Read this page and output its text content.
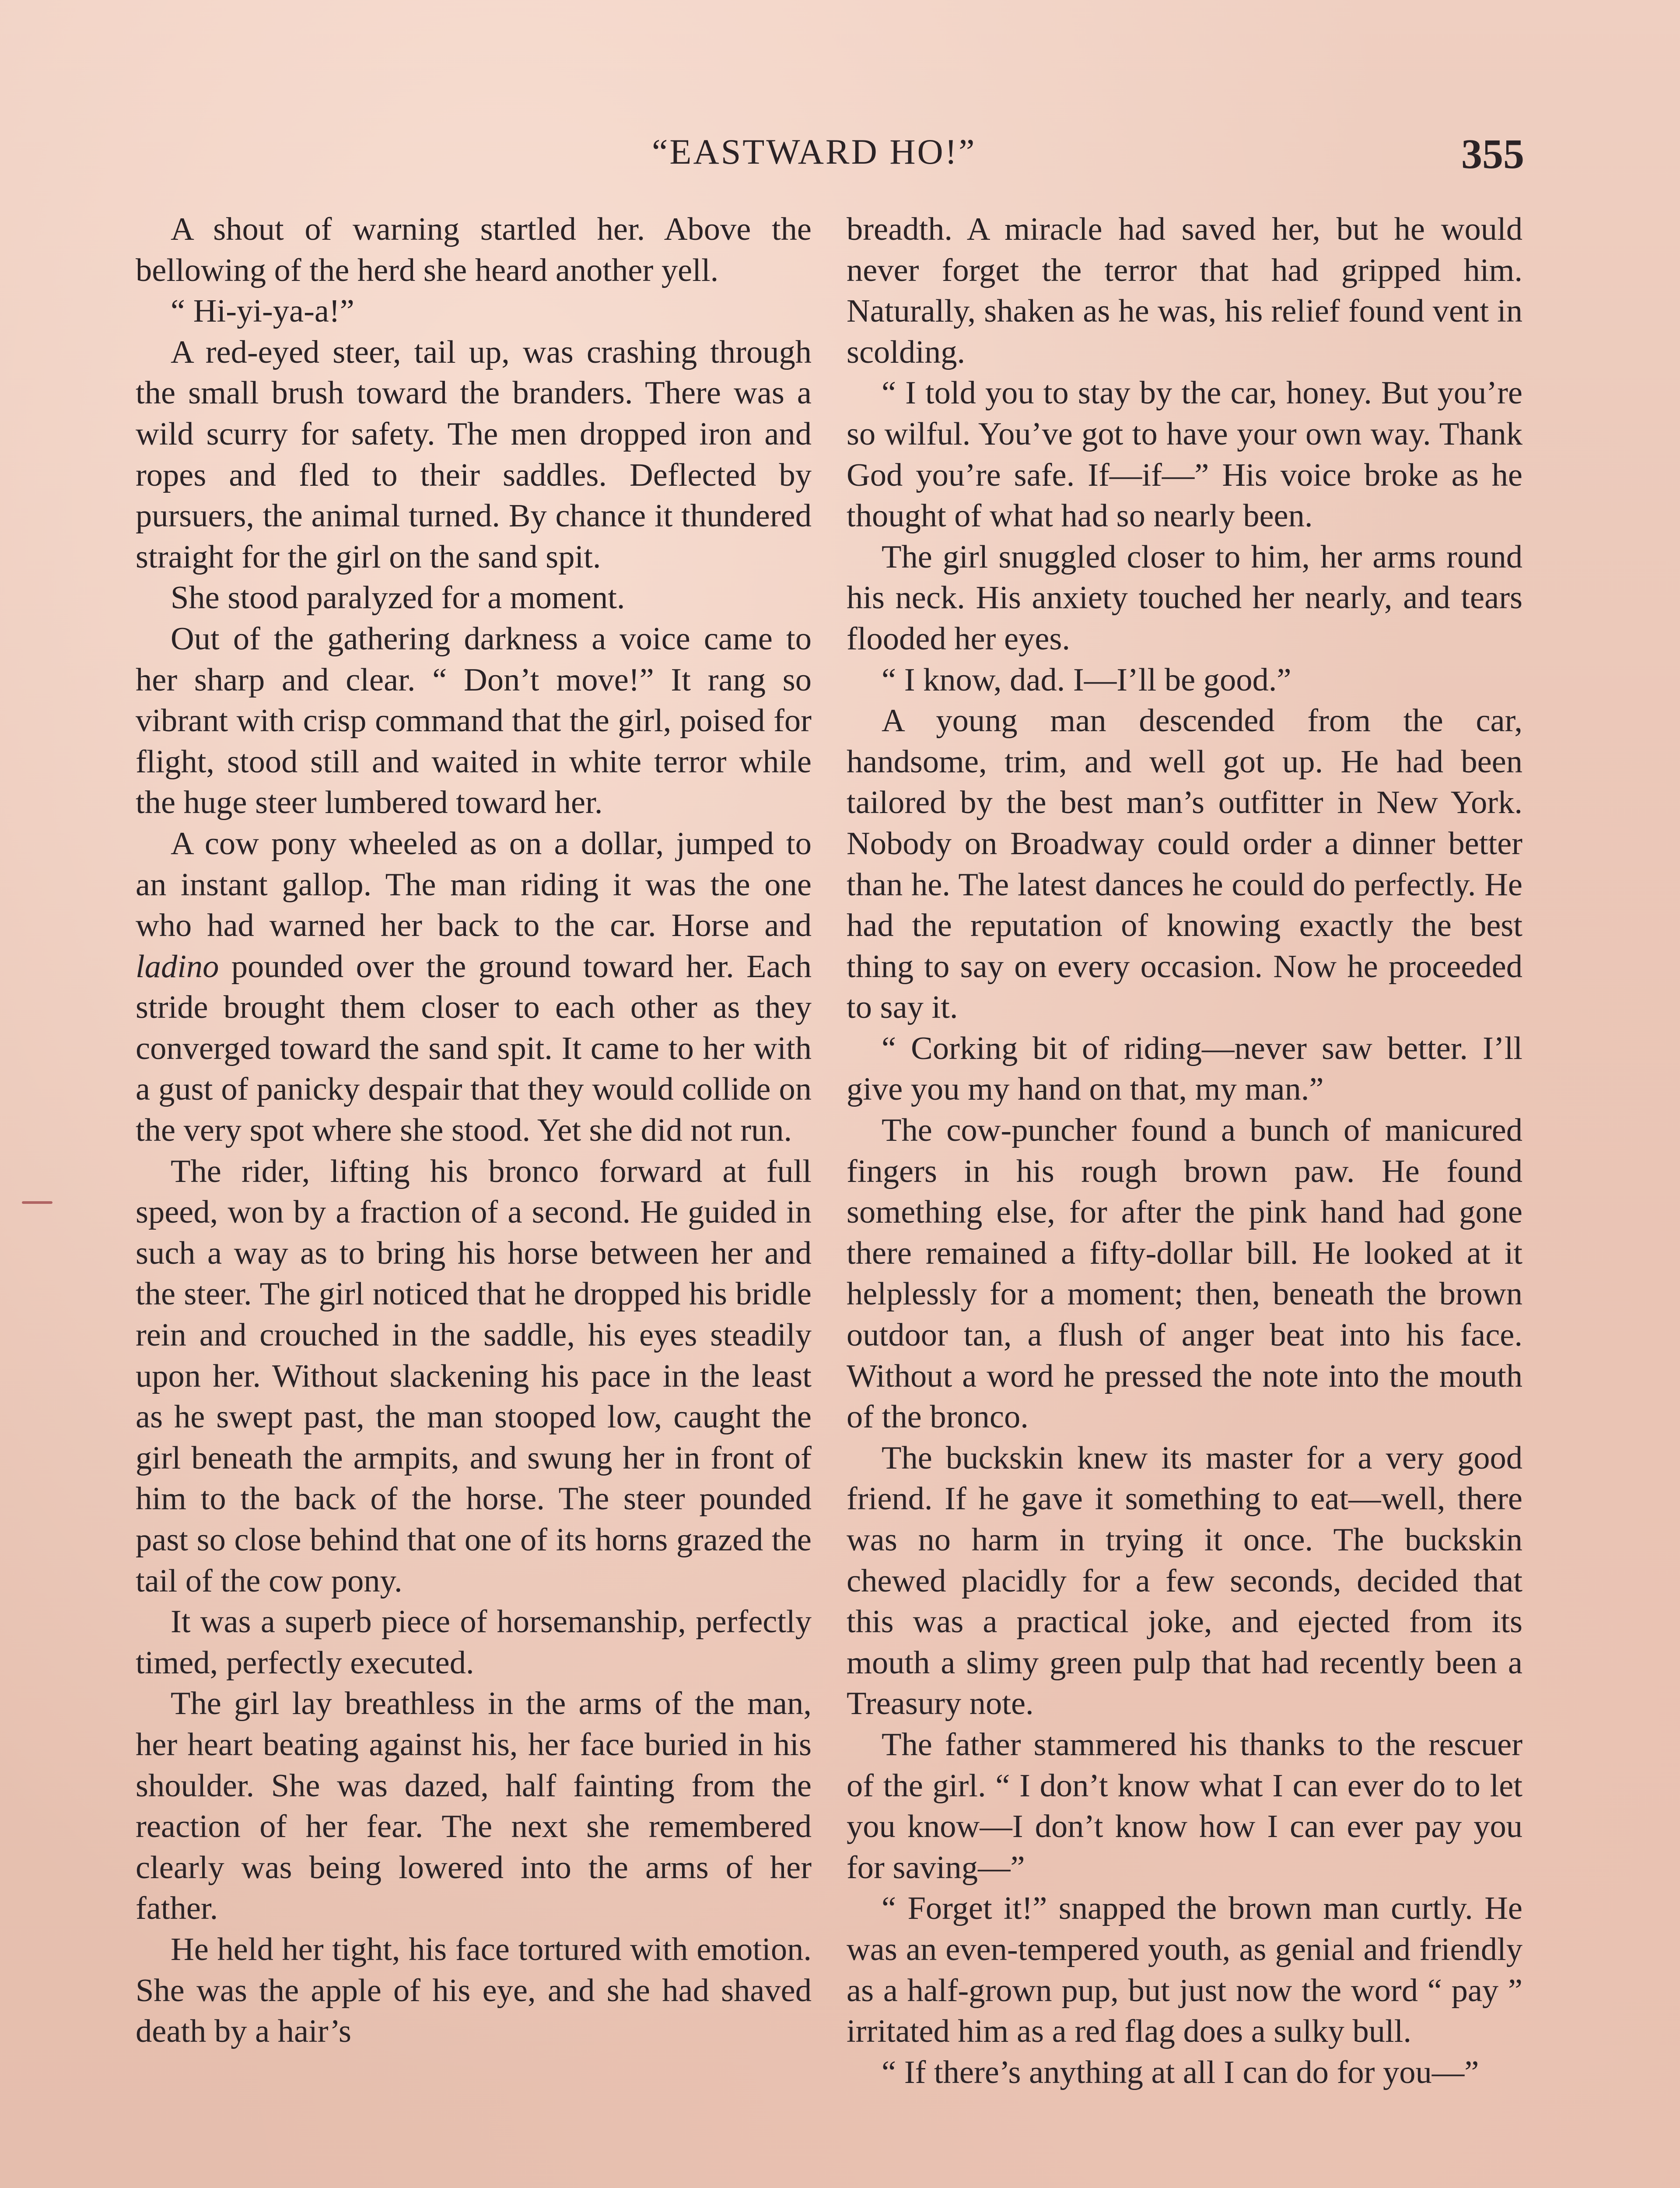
“EASTWARD HO!”	355

A shout of warning startled her. Above the bellowing of the herd she heard another yell.

“ Hi-yi-ya-a!”

A red-eyed steer, tail up, was crashing through the small brush toward the branders. There was a wild scurry for safety. The men dropped iron and ropes and fled to their saddles. Deflected by pursuers, the animal turned. By chance it thundered straight for the girl on the sand spit.

She stood paralyzed for a moment.

Out of the gathering darkness a voice came to her sharp and clear. “ Don’t move!” It rang so vibrant with crisp command that the girl, poised for flight, stood still and waited in white terror while the huge steer lumbered toward her.

A cow pony wheeled as on a dollar, jumped to an instant gallop. The man riding it was the one who had warned her back to the car. Horse and ladino pounded over the ground toward her. Each stride brought them closer to each other as they converged toward the sand spit. It came to her with a gust of panicky despair that they would collide on the very spot where she stood. Yet she did not run.

The rider, lifting his bronco forward at full speed, won by a fraction of a second. He guided in such a way as to bring his horse between her and the steer. The girl noticed that he dropped his bridle rein and crouched in the saddle, his eyes steadily upon her. Without slackening his pace in the least as he swept past, the man stooped low, caught the girl beneath the armpits, and swung her in front of him to the back of the horse. The steer pounded past so close behind that one of its horns grazed the tail of the cow pony.

It was a superb piece of horsemanship, perfectly timed, perfectly executed.

The girl lay breathless in the arms of the man, her heart beating against his, her face buried in his shoulder. She was dazed, half fainting from the reaction of her fear. The next she remembered clearly was being lowered into the arms of her father.

He held her tight, his face tortured with emotion. She was the apple of his eye, and she had shaved death by a hair’s

breadth. A miracle had saved her, but he would never forget the terror that had gripped him. Naturally, shaken as he was, his relief found vent in scolding.

“ I told you to stay by the car, honey. But you’re so wilful. You’ve got to have your own way. Thank God you’re safe. If—if—” His voice broke as he thought of what had so nearly been.

The girl snuggled closer to him, her arms round his neck. His anxiety touched her nearly, and tears flooded her eyes.

“ I know, dad. I—I’ll be good.”

A young man descended from the car, handsome, trim, and well got up. He had been tailored by the best man’s outfitter in New York. Nobody on Broadway could order a dinner better than he. The latest dances he could do perfectly. He had the reputation of knowing exactly the best thing to say on every occasion. Now he proceeded to say it.

“ Corking bit of riding—never saw better. I’ll give you my hand on that, my man.”

The cow-puncher found a bunch of manicured fingers in his rough brown paw. He found something else, for after the pink hand had gone there remained a fifty-dollar bill. He looked at it helplessly for a moment; then, beneath the brown outdoor tan, a flush of anger beat into his face. Without a word he pressed the note into the mouth of the bronco.

The buckskin knew its master for a very good friend. If he gave it something to eat—well, there was no harm in trying it once. The buckskin chewed placidly for a few seconds, decided that this was a practical joke, and ejected from its mouth a slimy green pulp that had recently been a Treasury note.

The father stammered his thanks to the rescuer of the girl. “ I don’t know what I can ever do to let you know—I don’t know how I can ever pay you for saving—”

“ Forget it!” snapped the brown man curtly. He was an even-tempered youth, as genial and friendly as a half-grown pup, but just now the word “ pay ” irritated him as a red flag does a sulky bull.

“ If there’s anything at all I can do for you—”
